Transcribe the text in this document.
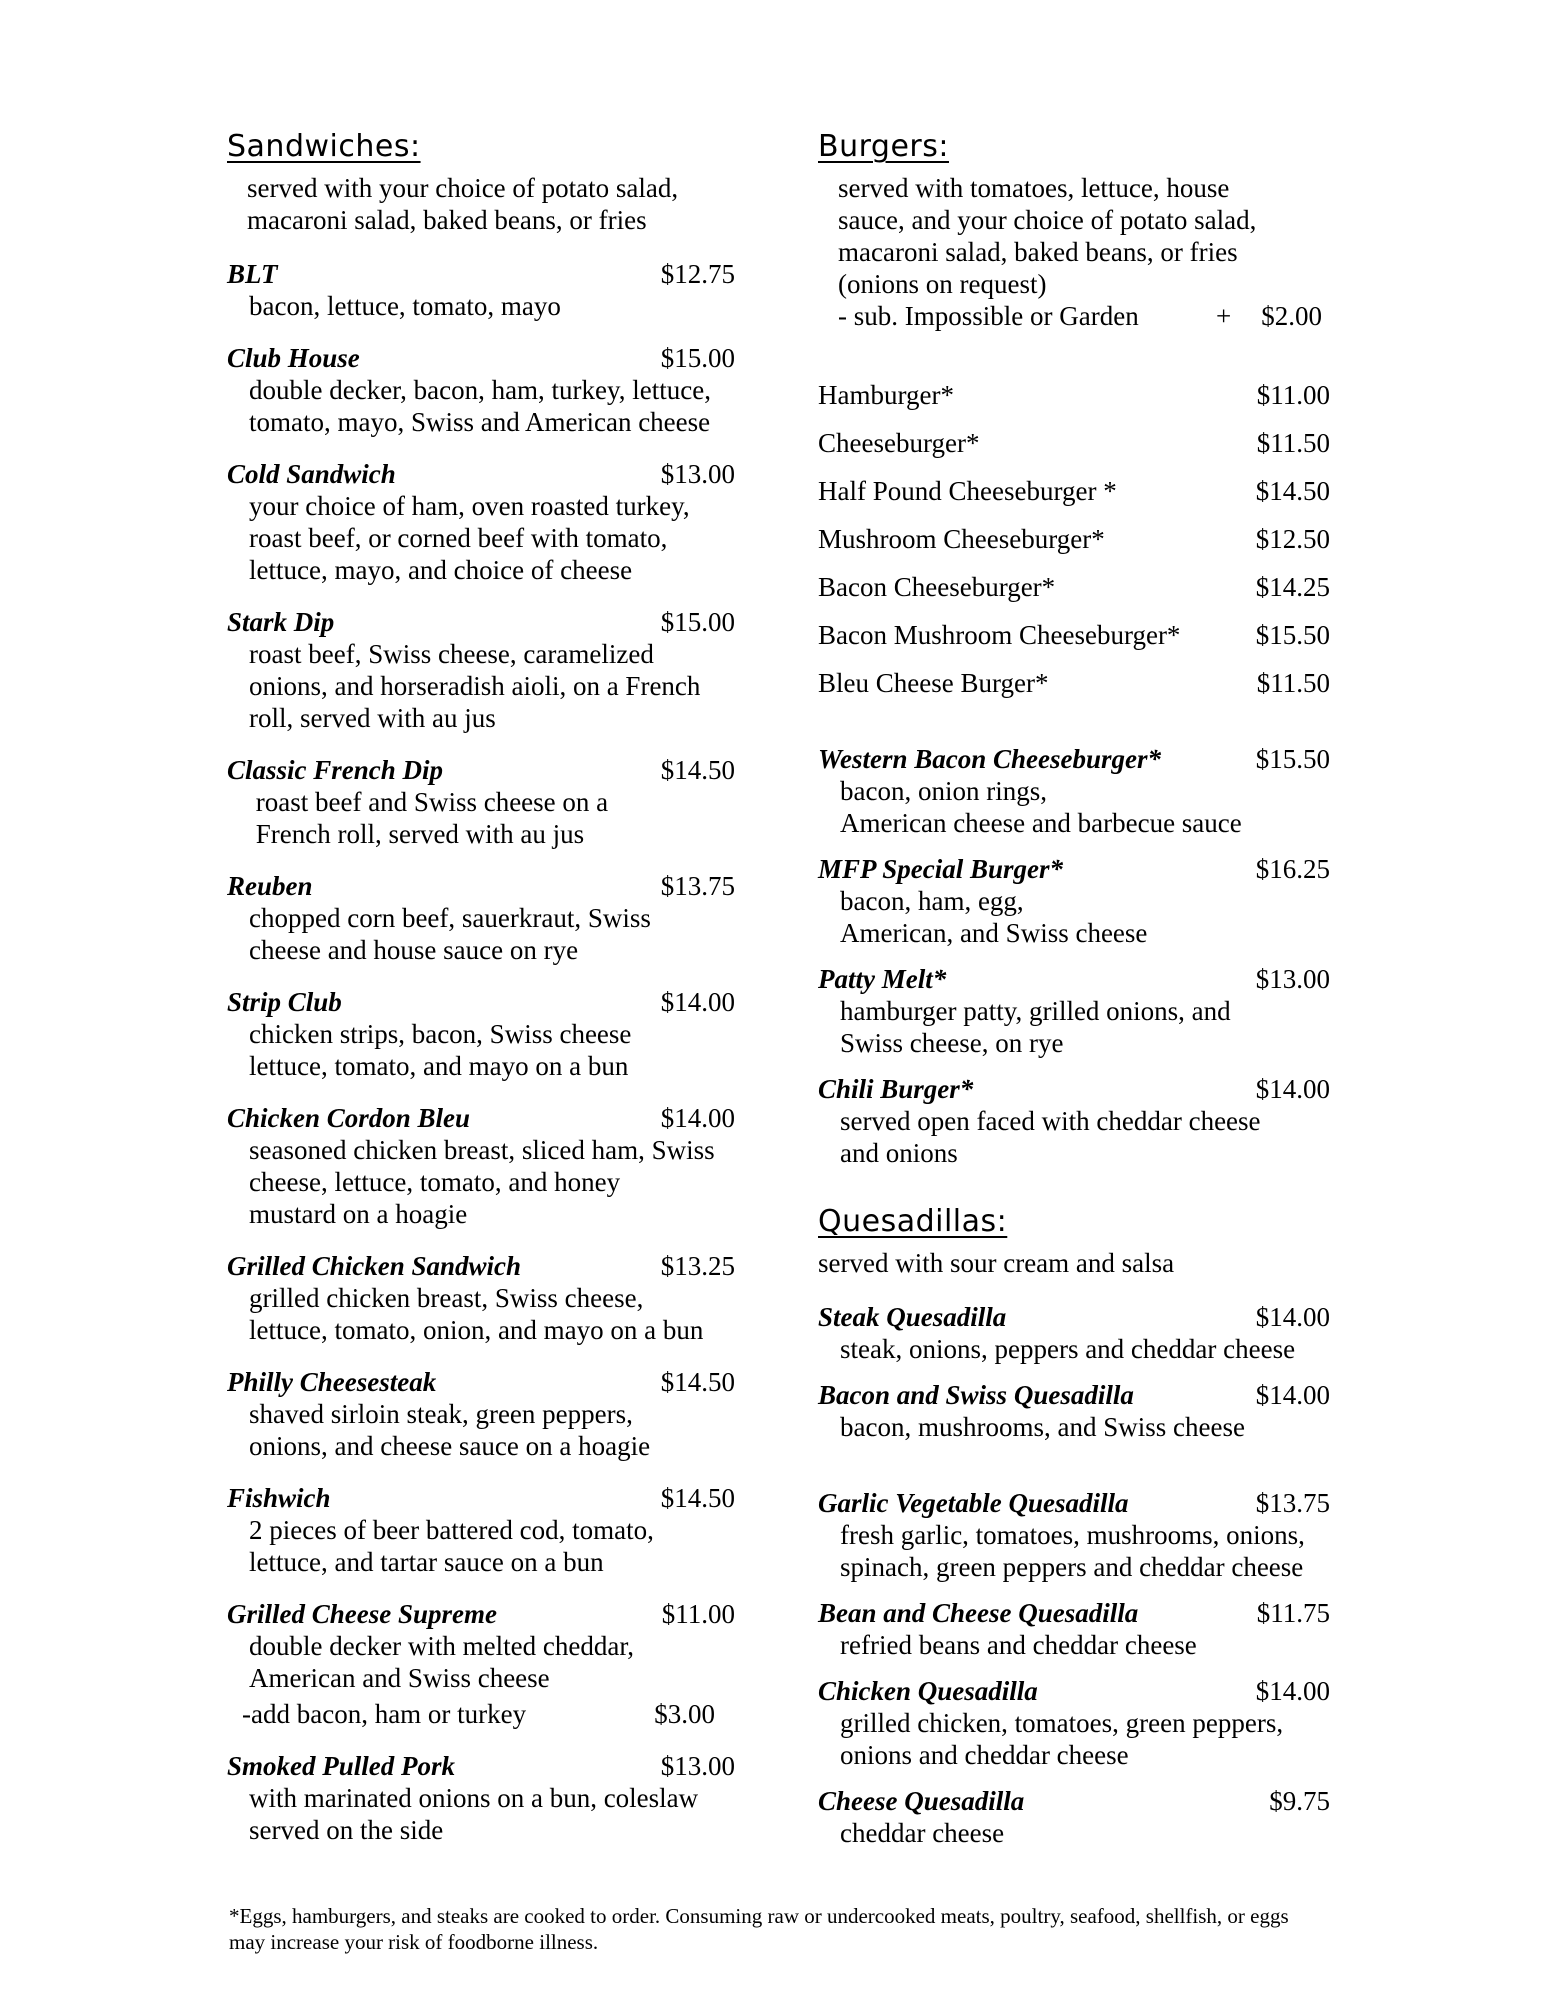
Sandwiches:
served with your choice of potato salad,
macaroni salad, baked beans, or fries
BLT	$12.75
bacon, lettuce, tomato, mayo
Club House	$15.00
double decker, bacon, ham, turkey, lettuce,
tomato, mayo, Swiss and American cheese
Cold Sandwich	$13.00
your choice of ham, oven roasted turkey,
roast beef, or corned beef with tomato,
lettuce, mayo, and choice of cheese
Stark Dip	$15.00
roast beef, Swiss cheese, caramelized
onions, and horseradish aioli, on a French
roll, served with au jus
Classic French Dip	$14.50
roast beef and Swiss cheese on a
French roll, served with au jus
Reuben	$13.75
chopped corn beef, sauerkraut, Swiss
cheese and house sauce on rye
Strip Club	$14.00
chicken strips, bacon, Swiss cheese
lettuce, tomato, and mayo on a bun
Chicken Cordon Bleu	$14.00
seasoned chicken breast, sliced ham, Swiss
cheese, lettuce, tomato, and honey
mustard on a hoagie
Grilled Chicken Sandwich	$13.25
grilled chicken breast, Swiss cheese,
lettuce, tomato, onion, and mayo on a bun
Philly Cheesesteak	$14.50
shaved sirloin steak, green peppers,
onions, and cheese sauce on a hoagie
Fishwich	$14.50
2 pieces of beer battered cod, tomato,
lettuce, and tartar sauce on a bun
Grilled Cheese Supreme	$11.00
double decker with melted cheddar,
American and Swiss cheese
-add bacon, ham or turkey	$3.00
Smoked Pulled Pork	$13.00
with marinated onions on a bun, coleslaw
served on the side
Burgers:
served with tomatoes, lettuce, house
sauce, and your choice of potato salad,
macaroni salad, baked beans, or fries
(onions on request)
- sub. Impossible or Garden	+	$2.00
Hamburger*	$11.00
Cheeseburger*	$11.50
Half Pound Cheeseburger *	$14.50
Mushroom Cheeseburger*	$12.50
Bacon Cheeseburger*	$14.25
Bacon Mushroom Cheeseburger*	$15.50
Bleu Cheese Burger*	$11.50
Western Bacon Cheeseburger*	$15.50
bacon, onion rings,
American cheese and barbecue sauce
MFP Special Burger*	$16.25
bacon, ham, egg,
American, and Swiss cheese
Patty Melt*	$13.00
hamburger patty, grilled onions, and
Swiss cheese, on rye
Chili Burger*	$14.00
served open faced with cheddar cheese
and onions
Quesadillas:
served with sour cream and salsa
Steak Quesadilla	$14.00
steak, onions, peppers and cheddar cheese
Bacon and Swiss Quesadilla	$14.00
bacon, mushrooms, and Swiss cheese
Garlic Vegetable Quesadilla	$13.75
fresh garlic, tomatoes, mushrooms, onions,
spinach, green peppers and cheddar cheese
Bean and Cheese Quesadilla	$11.75
refried beans and cheddar cheese
Chicken Quesadilla	$14.00
grilled chicken, tomatoes, green peppers,
onions and cheddar cheese
Cheese Quesadilla	$9.75
cheddar cheese
*Eggs, hamburgers, and steaks are cooked to order. Consuming raw or undercooked meats, poultry, seafood, shellfish, or eggs
may increase your risk of foodborne illness.
